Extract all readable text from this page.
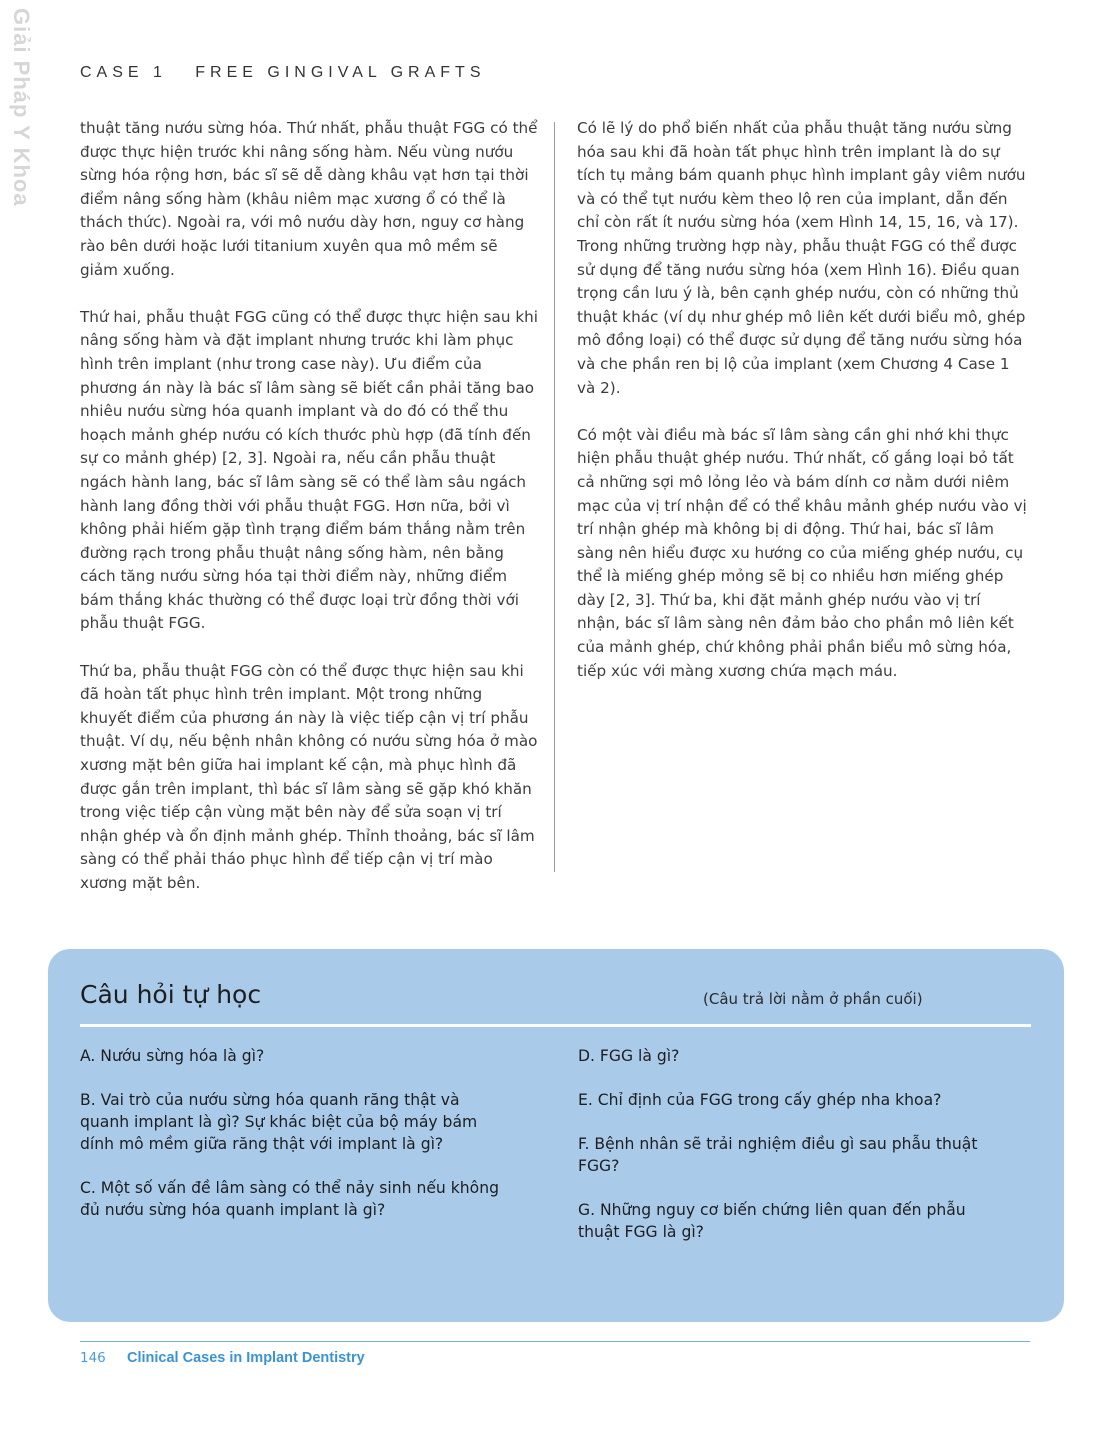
Giải Pháp Y Khoa	CASE 1   FREE GINGIVAL GRAFTS

thuật tăng nướu sừng hóa. Thứ nhất, phẫu thuật FGG có thể được thực hiện trước khi nâng sống hàm. Nếu vùng nướu sừng hóa rộng hơn, bác sĩ sẽ dễ dàng khâu vạt hơn tại thời điểm nâng sống hàm (khâu niêm mạc xương ổ có thể là thách thức). Ngoài ra, với mô nướu dày hơn, nguy cơ hàng rào bên dưới hoặc lưới titanium xuyên qua mô mềm sẽ giảm xuống.

Thứ hai, phẫu thuật FGG cũng có thể được thực hiện sau khi nâng sống hàm và đặt implant nhưng trước khi làm phục hình trên implant (như trong case này). Ưu điểm của phương án này là bác sĩ lâm sàng sẽ biết cần phải tăng bao nhiêu nướu sừng hóa quanh implant và do đó có thể thu hoạch mảnh ghép nướu có kích thước phù hợp (đã tính đến sự co mảnh ghép) [2, 3]. Ngoài ra, nếu cần phẫu thuật ngách hành lang, bác sĩ lâm sàng sẽ có thể làm sâu ngách hành lang đồng thời với phẫu thuật FGG. Hơn nữa, bởi vì không phải hiếm gặp tình trạng điểm bám thắng nằm trên đường rạch trong phẫu thuật nâng sống hàm, nên bằng cách tăng nướu sừng hóa tại thời điểm này, những điểm bám thắng khác thường có thể được loại trừ đồng thời với phẫu thuật FGG.

Thứ ba, phẫu thuật FGG còn có thể được thực hiện sau khi đã hoàn tất phục hình trên implant. Một trong những khuyết điểm của phương án này là việc tiếp cận vị trí phẫu thuật. Ví dụ, nếu bệnh nhân không có nướu sừng hóa ở mào xương mặt bên giữa hai implant kế cận, mà phục hình đã được gắn trên implant, thì bác sĩ lâm sàng sẽ gặp khó khăn trong việc tiếp cận vùng mặt bên này để sửa soạn vị trí nhận ghép và ổn định mảnh ghép. Thỉnh thoảng, bác sĩ lâm sàng có thể phải tháo phục hình để tiếp cận vị trí mào xương mặt bên.

Có lẽ lý do phổ biến nhất của phẫu thuật tăng nướu sừng hóa sau khi đã hoàn tất phục hình trên implant là do sự tích tụ mảng bám quanh phục hình implant gây viêm nướu và có thể tụt nướu kèm theo lộ ren của implant, dẫn đến chỉ còn rất ít nướu sừng hóa (xem Hình 14, 15, 16, và 17). Trong những trường hợp này, phẫu thuật FGG có thể được sử dụng để tăng nướu sừng hóa (xem Hình 16). Điều quan trọng cần lưu ý là, bên cạnh ghép nướu, còn có những thủ thuật khác (ví dụ như ghép mô liên kết dưới biểu mô, ghép mô đồng loại) có thể được sử dụng để tăng nướu sừng hóa và che phần ren bị lộ của implant (xem Chương 4 Case 1 và 2).

Có một vài điều mà bác sĩ lâm sàng cần ghi nhớ khi thực hiện phẫu thuật ghép nướu. Thứ nhất, cố gắng loại bỏ tất cả những sợi mô lỏng lẻo và bám dính cơ nằm dưới niêm mạc của vị trí nhận để có thể khâu mảnh ghép nướu vào vị trí nhận ghép mà không bị di động. Thứ hai, bác sĩ lâm sàng nên hiểu được xu hướng co của miếng ghép nướu, cụ thể là miếng ghép mỏng sẽ bị co nhiều hơn miếng ghép dày [2, 3]. Thứ ba, khi đặt mảnh ghép nướu vào vị trí nhận, bác sĩ lâm sàng nên đảm bảo cho phần mô liên kết của mảnh ghép, chứ không phải phần biểu mô sừng hóa, tiếp xúc với màng xương chứa mạch máu.

Câu hỏi tự học	(Câu trả lời nằm ở phần cuối)

A. Nướu sừng hóa là gì?

B. Vai trò của nướu sừng hóa quanh răng thật và quanh implant là gì? Sự khác biệt của bộ máy bám dính mô mềm giữa răng thật với implant là gì?

C. Một số vấn đề lâm sàng có thể nảy sinh nếu không đủ nướu sừng hóa quanh implant là gì?

D. FGG là gì?

E. Chỉ định của FGG trong cấy ghép nha khoa?

F. Bệnh nhân sẽ trải nghiệm điều gì sau phẫu thuật FGG?

G. Những nguy cơ biến chứng liên quan đến phẫu thuật FGG là gì?

146 Clinical Cases in Implant Dentistry
